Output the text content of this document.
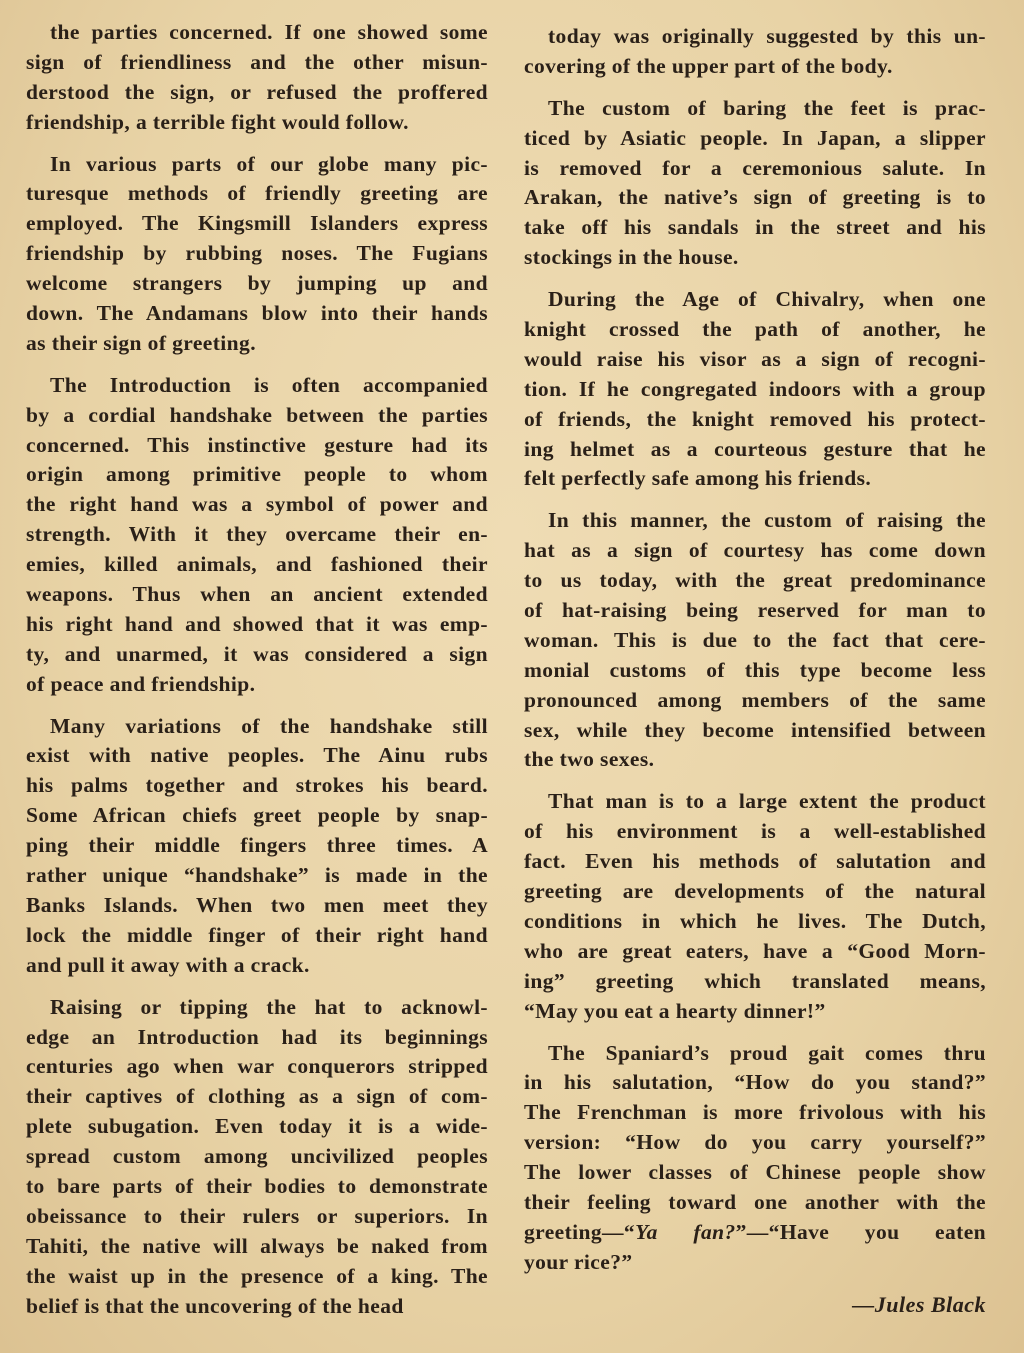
the parties concerned. If one showed some
sign of friendliness and the other misun-
derstood the sign, or refused the proffered
friendship, a terrible fight would follow.
In various parts of our globe many pic-
turesque methods of friendly greeting are
employed. The Kingsmill Islanders express
friendship by rubbing noses. The Fugians
welcome strangers by jumping up and
down. The Andamans blow into their hands
as their sign of greeting.
The Introduction is often accompanied
by a cordial handshake between the parties
concerned. This instinctive gesture had its
origin among primitive people to whom
the right hand was a symbol of power and
strength. With it they overcame their en-
emies, killed animals, and fashioned their
weapons. Thus when an ancient extended
his right hand and showed that it was emp-
ty, and unarmed, it was considered a sign
of peace and friendship.
Many variations of the handshake still
exist with native peoples. The Ainu rubs
his palms together and strokes his beard.
Some African chiefs greet people by snap-
ping their middle fingers three times. A
rather unique “handshake” is made in the
Banks Islands. When two men meet they
lock the middle finger of their right hand
and pull it away with a crack.
Raising or tipping the hat to acknowl-
edge an Introduction had its beginnings
centuries ago when war conquerors stripped
their captives of clothing as a sign of com-
plete subugation. Even today it is a wide-
spread custom among uncivilized peoples
to bare parts of their bodies to demonstrate
obeissance to their rulers or superiors. In
Tahiti, the native will always be naked from
the waist up in the presence of a king. The
belief is that the uncovering of the head
today was originally suggested by this un-
covering of the upper part of the body.
The custom of baring the feet is prac-
ticed by Asiatic people. In Japan, a slipper
is removed for a ceremonious salute. In
Arakan, the native’s sign of greeting is to
take off his sandals in the street and his
stockings in the house.
During the Age of Chivalry, when one
knight crossed the path of another, he
would raise his visor as a sign of recogni-
tion. If he congregated indoors with a group
of friends, the knight removed his protect-
ing helmet as a courteous gesture that he
felt perfectly safe among his friends.
In this manner, the custom of raising the
hat as a sign of courtesy has come down
to us today, with the great predominance
of hat-raising being reserved for man to
woman. This is due to the fact that cere-
monial customs of this type become less
pronounced among members of the same
sex, while they become intensified between
the two sexes.
That man is to a large extent the product
of his environment is a well-established
fact. Even his methods of salutation and
greeting are developments of the natural
conditions in which he lives. The Dutch,
who are great eaters, have a “Good Morn-
ing” greeting which translated means,
“May you eat a hearty dinner!”
The Spaniard’s proud gait comes thru
in his salutation, “How do you stand?”
The Frenchman is more frivolous with his
version: “How do you carry yourself?”
The lower classes of Chinese people show
their feeling toward one another with the
greeting—“Ya fan?”—“Have you eaten
your rice?”
—Jules Black
